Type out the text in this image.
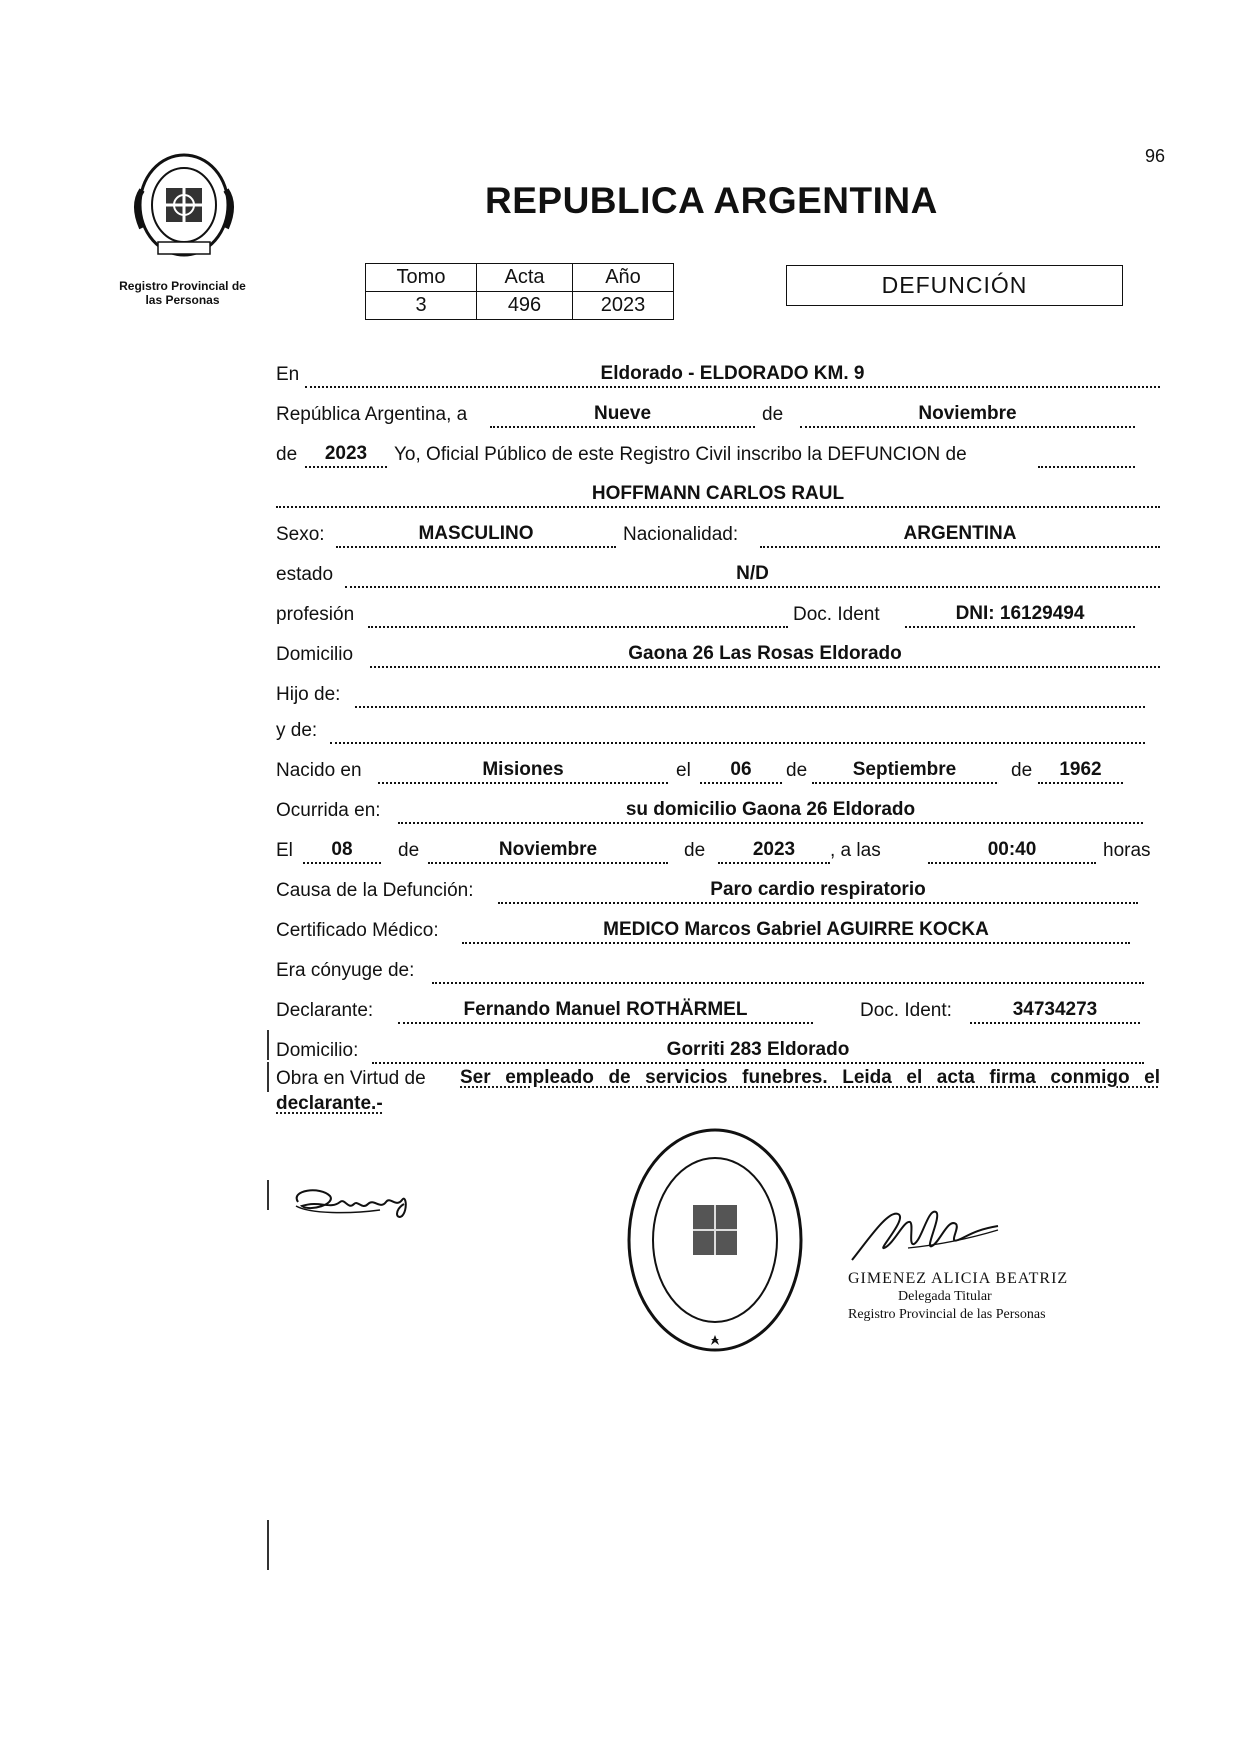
96
Registro Provincial de
las Personas
REPUBLICA ARGENTINA
Tomo	Acta	Año
3	496	2023
DEFUNCIÓN
En	Eldorado - ELDORADO KM. 9
República Argentina, a	Nueve	de	Noviembre
de	2023	Yo, Oficial Público de este Registro Civil inscribo la DEFUNCION de
HOFFMANN CARLOS RAUL
Sexo:	MASCULINO	Nacionalidad:	ARGENTINA
estado	N/D
profesión	Doc. Ident	DNI: 16129494
Domicilio	Gaona 26 Las Rosas Eldorado
Hijo de:
y de:
Nacido en	Misiones	el	06	de	Septiembre	de	1962
Ocurrida en:	su domicilio Gaona 26 Eldorado
El	08	de	Noviembre	de	2023	, a las	00:40	horas
Causa de la Defunción:	Paro cardio respiratorio
Certificado Médico:	MEDICO Marcos Gabriel AGUIRRE KOCKA
Era cónyuge de:
Declarante:	Fernando Manuel ROTHÄRMEL	Doc. Ident:	34734273
Domicilio:	Gorriti 283 Eldorado
Obra en Virtud de Ser empleado de servicios funebres. Leida el acta firma conmigo el
declarante.-
GIMENEZ ALICIA BEATRIZ
Delegada Titular
Registro Provincial de las Personas
